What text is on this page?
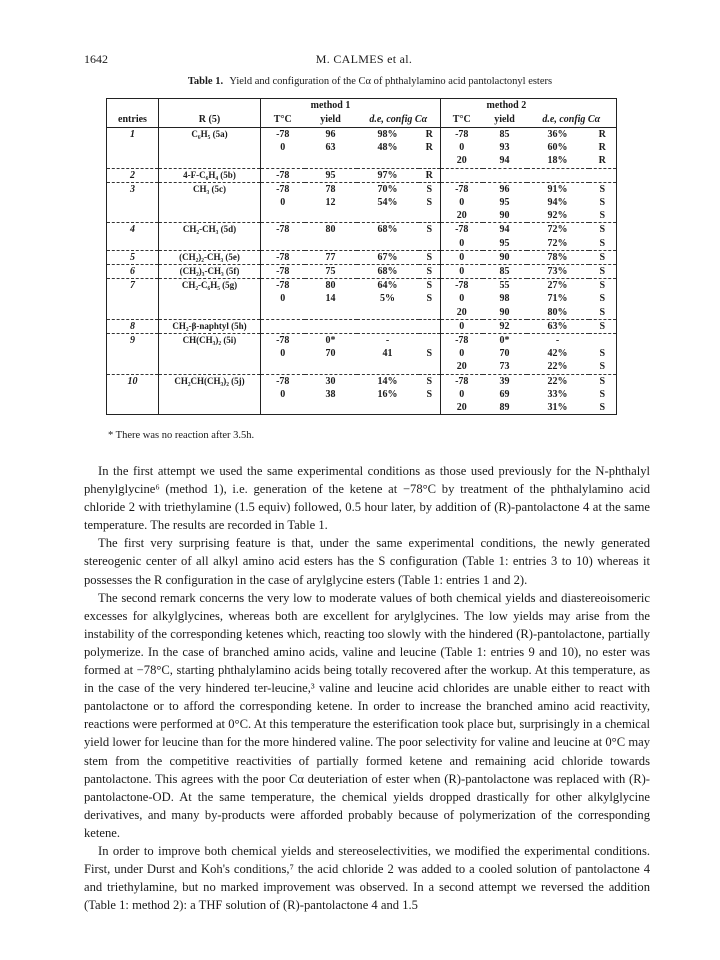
1642	M. CALMES et al.
Table 1. Yield and configuration of the Cα of phthalylamino acid pantolactonyl esters
			method 1				method 2		
entries	R (5)	T°C	yield	d.e, config Cα		T°C	yield	d.e, config Cα	
1	C₆H₅ (5a)	-78	96	98%	R	-78	85	36%	R
		0	63	48%	R	0	93	60%	R
						20	94	18%	R
2	4-F-C₆H₄ (5b)	-78	95	97%	R				
3	CH₃ (5c)	-78	78	70%	S	-78	96	91%	S
		0	12	54%	S	0	95	94%	S
						20	90	92%	S
4	CH₂-CH₃ (5d)	-78	80	68%	S	-78	94	72%	S
						0	95	72%	S
5	(CH₂)₂-CH₃ (5e)	-78	77	67%	S	0	90	78%	S
6	(CH₂)₃-CH₃ (5f)	-78	75	68%	S	0	85	73%	S
7	CH₂-C₆H₅ (5g)	-78	80	64%	S	-78	55	27%	S
		0	14	5%	S	0	98	71%	S
						20	90	80%	S
8	CH₂-β-naphtyl (5h)					0	92	63%	S
9	CH(CH₃)₂ (5i)	-78	0*	-		-78	0*	-	
		0	70	41	S	0	70	42%	S
						20	73	22%	S
10	CH₂CH(CH₃)₂ (5j)	-78	30	14%	S	-78	39	22%	S
		0	38	16%	S	0	69	33%	S
						20	89	31%	S
* There was no reaction after 3.5h.

In the first attempt we used the same experimental conditions as those used previously for the N-phthalyl phenylglycine⁶ (method 1), i.e. generation of the ketene at −78°C by treatment of the phthalylamino acid chloride 2 with triethylamine (1.5 equiv) followed, 0.5 hour later, by addition of (R)-pantolactone 4 at the same temperature. The results are recorded in Table 1.

The first very surprising feature is that, under the same experimental conditions, the newly generated stereogenic center of all alkyl amino acid esters has the S configuration (Table 1: entries 3 to 10) whereas it possesses the R configuration in the case of arylglycine esters (Table 1: entries 1 and 2).

The second remark concerns the very low to moderate values of both chemical yields and diastereoisomeric excesses for alkylglycines, whereas both are excellent for arylglycines. The low yields may arise from the instability of the corresponding ketenes which, reacting too slowly with the hindered (R)-pantolactone, partially polymerize. In the case of branched amino acids, valine and leucine (Table 1: entries 9 and 10), no ester was formed at −78°C, starting phthalylamino acids being totally recovered after the workup. At this temperature, as in the case of the very hindered ter-leucine,³ valine and leucine acid chlorides are unable either to react with pantolactone or to afford the corresponding ketene. In order to increase the branched amino acid reactivity, reactions were performed at 0°C. At this temperature the esterification took place but, surprisingly in a chemical yield lower for leucine than for the more hindered valine. The poor selectivity for valine and leucine at 0°C may stem from the competitive reactivities of partially formed ketene and remaining acid chloride towards pantolactone. This agrees with the poor Cα deuteriation of ester when (R)-pantolactone was replaced with (R)-pantolactone-OD. At the same temperature, the chemical yields dropped drastically for other alkylglycine derivatives, and many by-products were afforded probably because of polymerization of the corresponding ketene.

In order to improve both chemical yields and stereoselectivities, we modified the experimental conditions. First, under Durst and Koh's conditions,⁷ the acid chloride 2 was added to a cooled solution of pantolactone 4 and triethylamine, but no marked improvement was observed. In a second attempt we reversed the addition (Table 1: method 2): a THF solution of (R)-pantolactone 4 and 1.5
